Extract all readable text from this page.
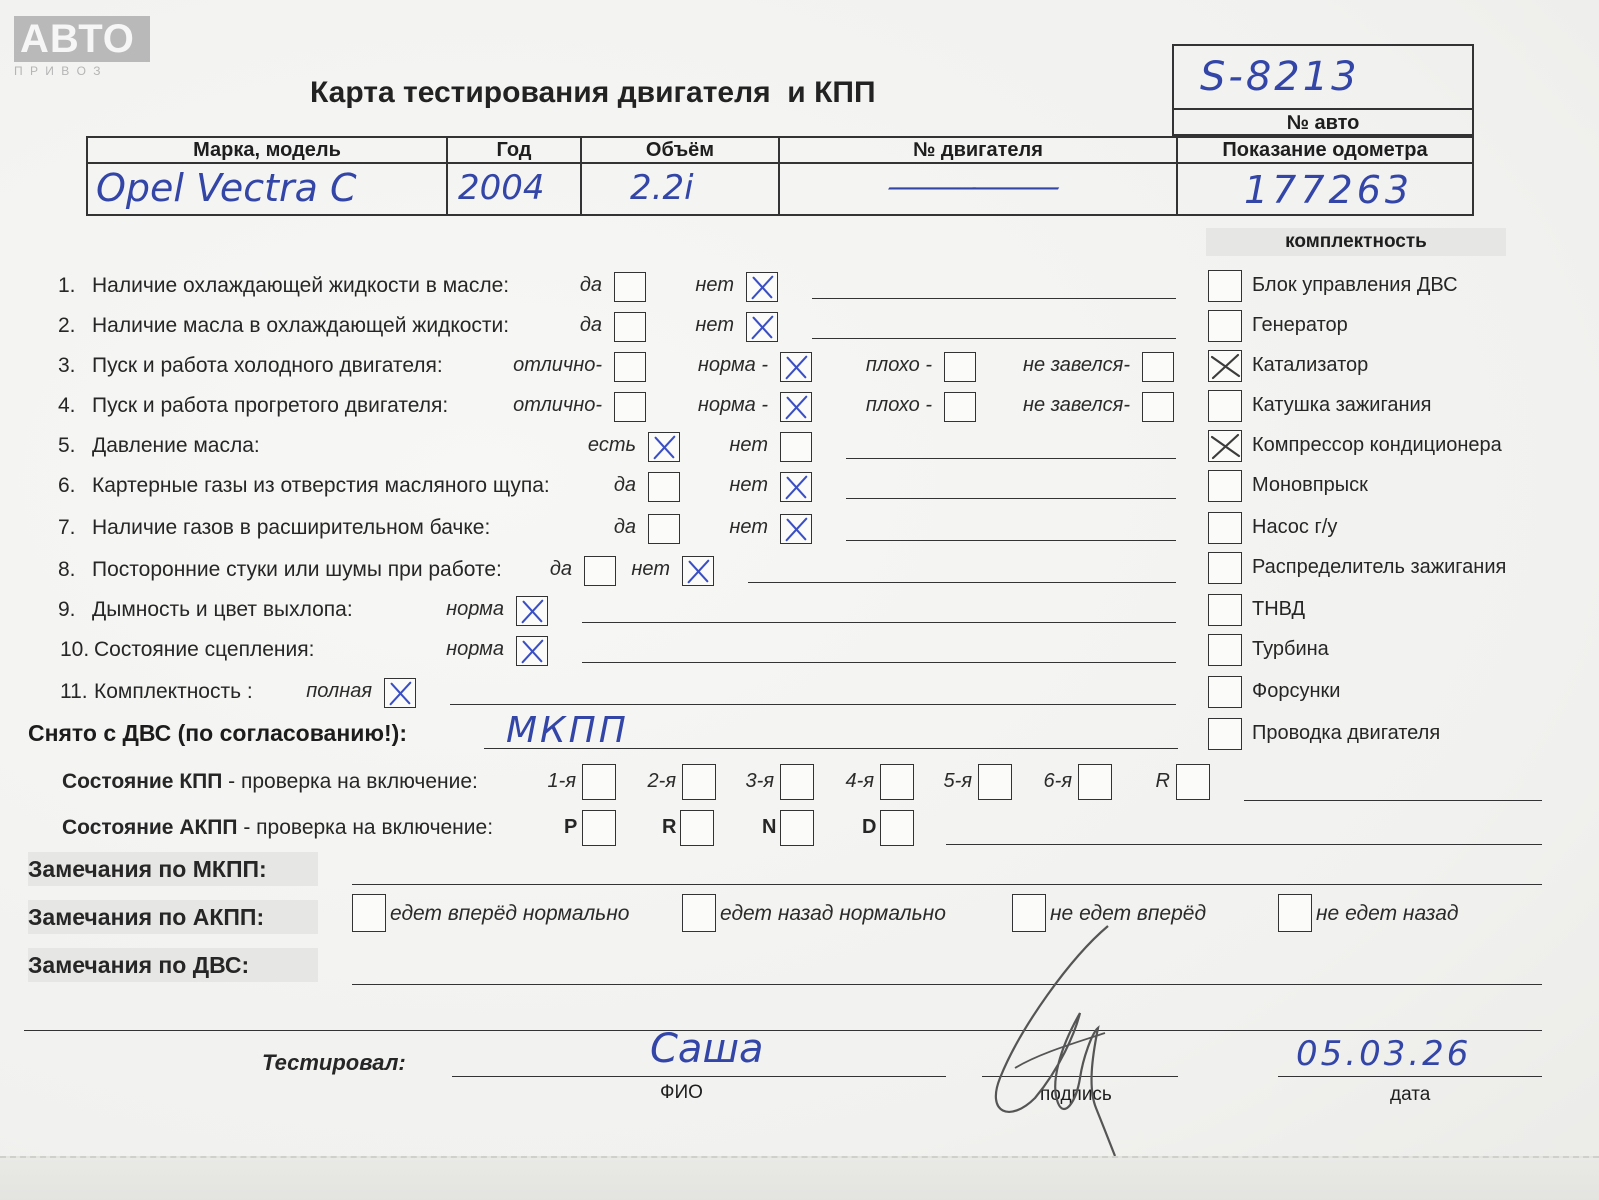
АВТО
П Р И В О З
Карта тестирования двигателя  и КПП	S-8213
№ авто
Марка, модель	Год	Объём	№ двигателя	Показание одометра

Opel Vectra C	2004	2.2i	——	177263
комплектность
1. Наличие охлаждающей жидкости в масле:	да	нет
2. Наличие масла в охлаждающей жидкости:	да	нет
3. Пуск и работа холодного двигателя:	отлично-	норма -	плохо -	не завелся-
4. Пуск и работа прогретого двигателя:	отлично-	норма -	плохо -	не завелся-
5. Давление масла:	есть	нет
6. Картерные газы из отверстия масляного щупа:	да	нет
7. Наличие газов в расширительном бачке:	да	нет
8. Посторонние стуки или шумы при работе:	да	нет
9. Дымность и цвет выхлопа:	норма
10. Состояние сцепления:	норма
11. Комплектность :	полная
Блок управления ДВС
Генератор
Катализатор
Катушка зажигания
Компрессор кондиционера
Моновпрыск
Насос г/у
Распределитель зажигания
ТНВД
Турбина
Форсунки
Проводка двигателя
Снято с ДВС (по согласованию!):	МКПП
Состояние КПП - проверка на включение:	1-я	2-я	3-я	4-я	5-я	6-я	R
Состояние АКПП - проверка на включение:	P	R	N	D
Замечания по МКПП:
Замечания по АКПП:	едет вперёд нормально	едет назад нормально	не едет вперёд	не едет назад
Замечания по ДВС:
Тестировал:	Саша
ФИО	подпись
05.03.26
дата
